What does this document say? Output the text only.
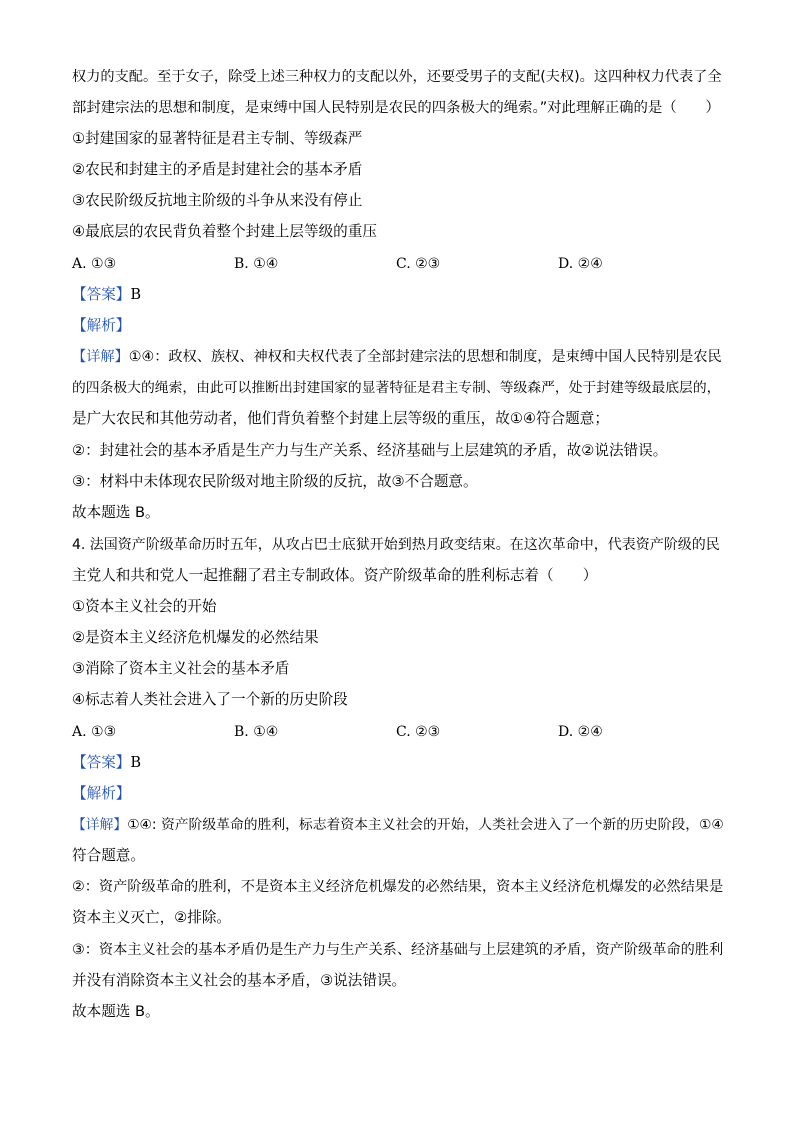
权力的支配。至于女子，除受上述三种权力的支配以外，还要受男子的支配(夫权)。这四种权力代表了全
部封建宗法的思想和制度，是束缚中国人民特别是农民的四条极大的绳索。”对此理解正确的是（　　）
①封建国家的显著特征是君主专制、等级森严
②农民和封建主的矛盾是封建社会的基本矛盾
③农民阶级反抗地主阶级的斗争从来没有停止
④最底层的农民背负着整个封建上层等级的重压
A. ①③	B. ①④	C. ②③	D. ②④
【答案】B
【解析】
【详解】①④：政权、族权、神权和夫权代表了全部封建宗法的思想和制度，是束缚中国人民特别是农民
的四条极大的绳索，由此可以推断出封建国家的显著特征是君主专制、等级森严，处于封建等级最底层的，
是广大农民和其他劳动者，他们背负着整个封建上层等级的重压，故①④符合题意；
②：封建社会的基本矛盾是生产力与生产关系、经济基础与上层建筑的矛盾，故②说法错误。
③：材料中未体现农民阶级对地主阶级的反抗，故③不合题意。
故本题选 B。
4. 法国资产阶级革命历时五年，从攻占巴士底狱开始到热月政变结束。在这次革命中，代表资产阶级的民
主党人和共和党人一起推翻了君主专制政体。资产阶级革命的胜利标志着（　　）
①资本主义社会的开始
②是资本主义经济危机爆发的必然结果
③消除了资本主义社会的基本矛盾
④标志着人类社会进入了一个新的历史阶段
A. ①③	B. ①④	C. ②③	D. ②④
【答案】B
【解析】
【详解】①④: 资产阶级革命的胜利，标志着资本主义社会的开始，人类社会进入了一个新的历史阶段，①④
符合题意。
②：资产阶级革命的胜利，不是资本主义经济危机爆发的必然结果，资本主义经济危机爆发的必然结果是
资本主义灭亡，②排除。
③：资本主义社会的基本矛盾仍是生产力与生产关系、经济基础与上层建筑的矛盾，资产阶级革命的胜利
并没有消除资本主义社会的基本矛盾，③说法错误。
故本题选 B。
